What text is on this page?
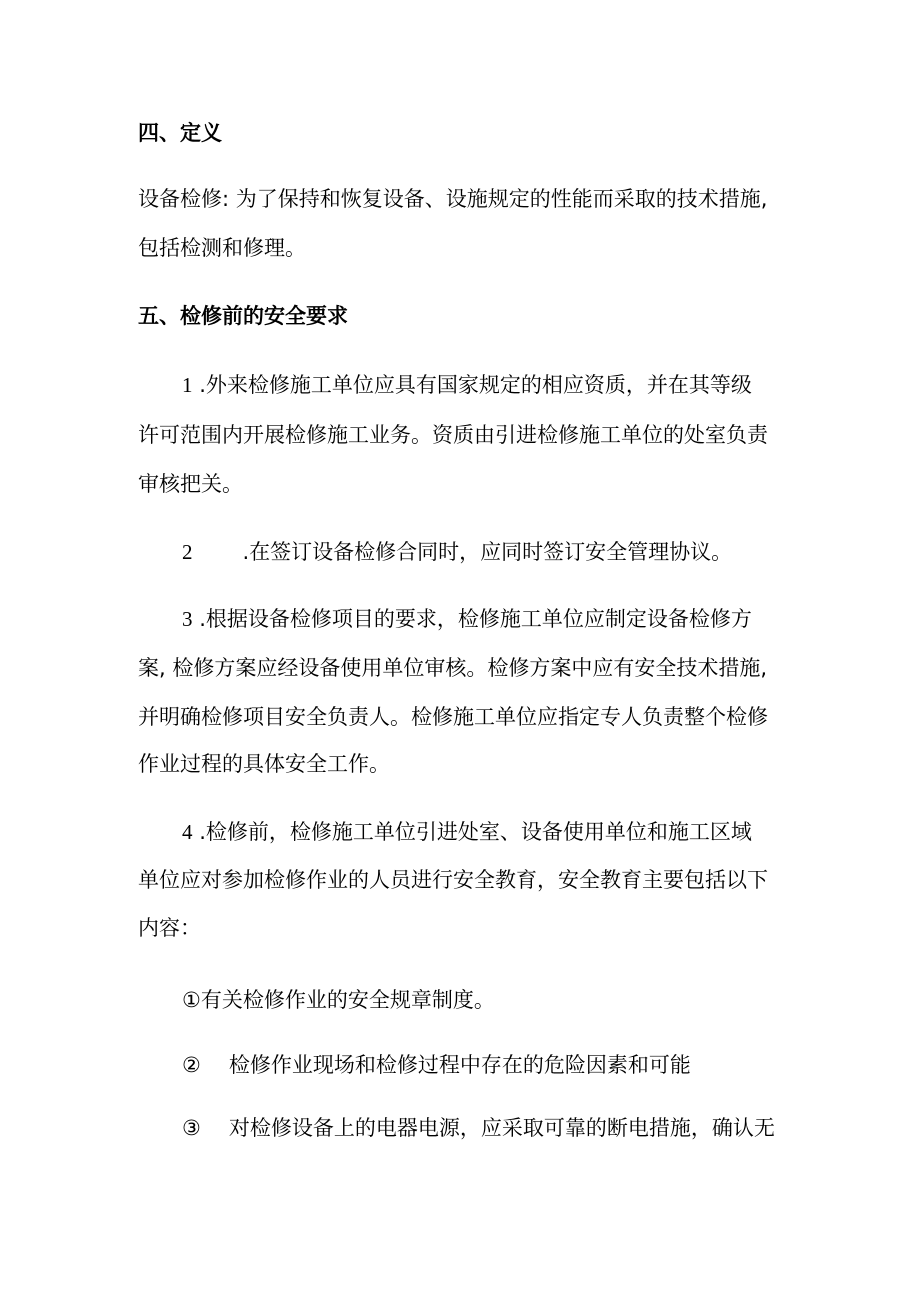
四、定义
设备检修: 为了保持和恢复设备、设施规定的性能而采取的技术措施,
包括检测和修理。
五、检修前的安全要求
1 .外来检修施工单位应具有国家规定的相应资质，并在其等级
许可范围内开展检修施工业务。资质由引进检修施工单位的处室负责
审核把关。
2 .在签订设备检修合同时，应同时签订安全管理协议。
3 .根据设备检修项目的要求，检修施工单位应制定设备检修方
案, 检修方案应经设备使用单位审核。检修方案中应有安全技术措施,
并明确检修项目安全负责人。检修施工单位应指定专人负责整个检修
作业过程的具体安全工作。
4 .检修前，检修施工单位引进处室、设备使用单位和施工区域
单位应对参加检修作业的人员进行安全教育，安全教育主要包括以下
内容：
①有关检修作业的安全规章制度。
② 检修作业现场和检修过程中存在的危险因素和可能
③ 对检修设备上的电器电源，应采取可靠的断电措施，确认无
